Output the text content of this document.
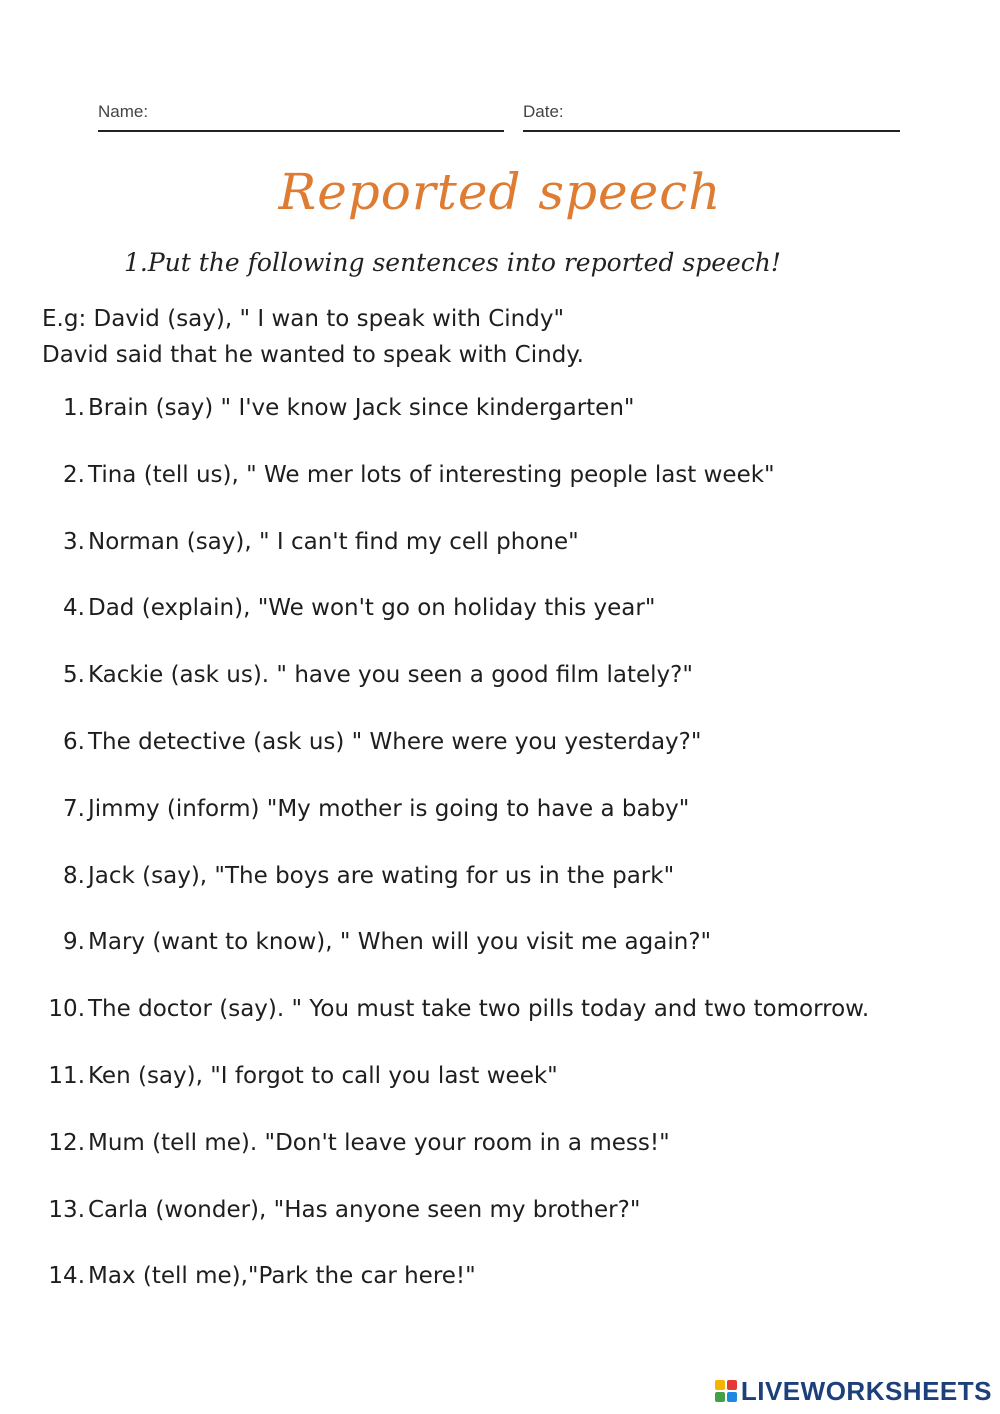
Name:	Date:
Reported speech
1.Put the following sentences into reported speech!
E.g: David (say), " I wan to speak with Cindy"
David said that he wanted to speak with Cindy.
1. Brain (say) " I've know Jack since kindergarten"
2. Tina (tell us), " We mer lots of interesting people last week"
3. Norman (say), " I can't find my cell phone"
4. Dad (explain), "We won't go on holiday this year"
5. Kackie (ask us). " have you seen a good film lately?"
6. The detective (ask us) " Where were you yesterday?"
7. Jimmy (inform) "My mother is going to have a baby"
8. Jack (say), "The boys are wating for us in the park"
9. Mary (want to know), " When will you visit me again?"
10. The doctor (say). " You must take two pills today and two tomorrow.
11. Ken (say), "I forgot to call you last week"
12. Mum (tell me). "Don't leave your room in a mess!"
13. Carla (wonder), "Has anyone seen my brother?"
14. Max (tell me),"Park the car here!"
LIVEWORKSHEETS
